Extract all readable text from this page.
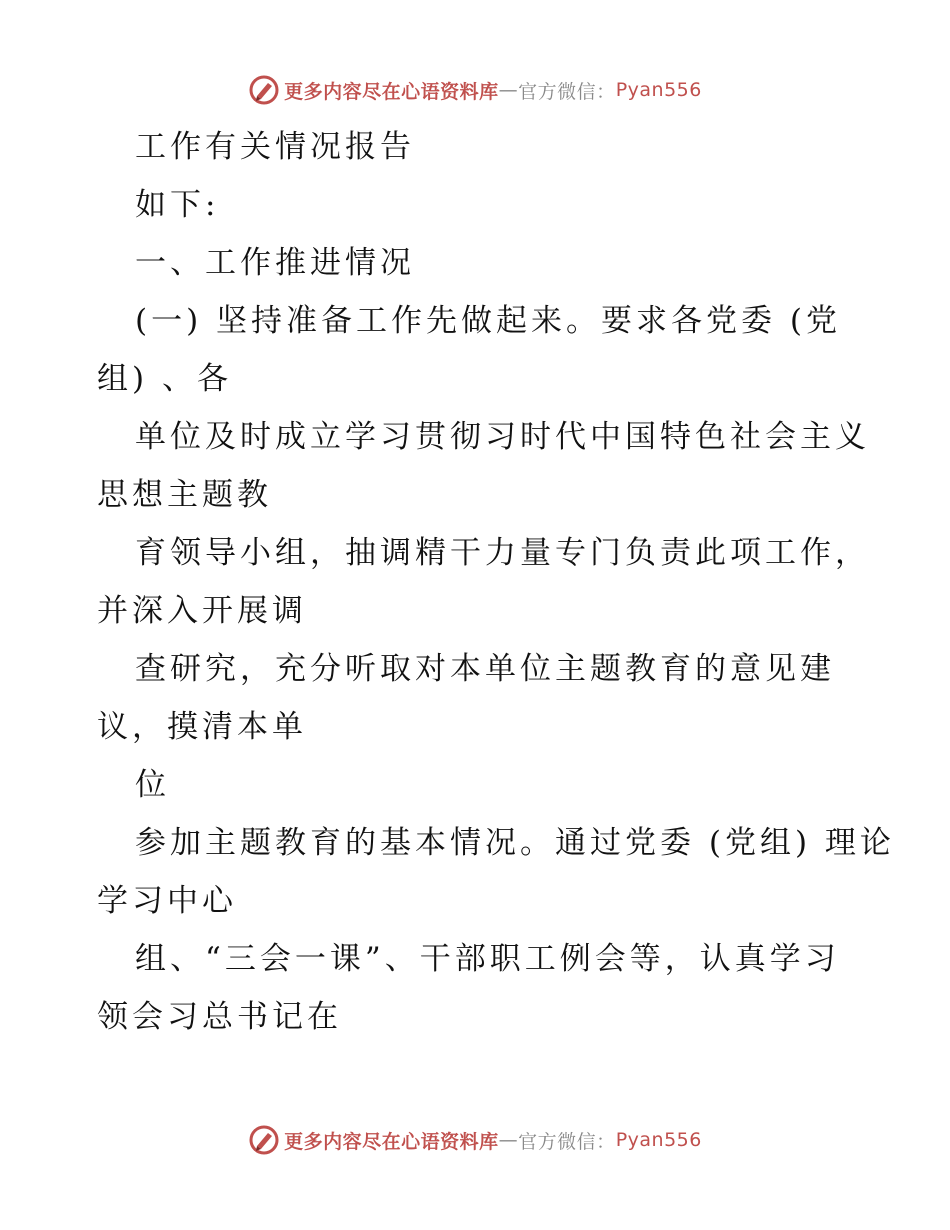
更多内容尽在心语资料库 — 官方微信： Pyan556
工作有关情况报告
如下:
一、工作推进情况
(一) 坚持准备工作先做起来。要求各党委 (党
组) 、各
单位及时成立学习贯彻习时代中国特色社会主义
思想主题教
育领导小组，抽调精干力量专门负责此项工作，
并深入开展调
查研究，充分听取对本单位主题教育的意见建
议，摸清本单
位
参加主题教育的基本情况。通过党委 (党组) 理论
学习中心
组、“三会一课”、干部职工例会等，认真学习
领会习总书记在
更多内容尽在心语资料库 — 官方微信： Pyan556
